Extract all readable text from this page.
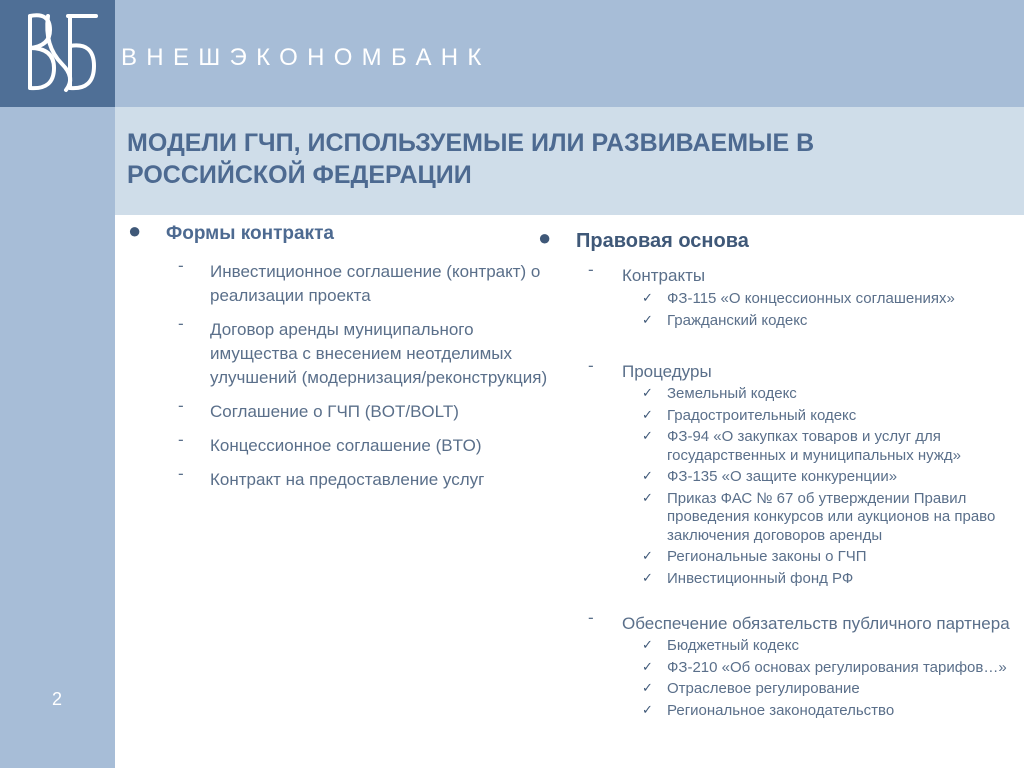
ВНЕШЭКОНОМБАНК
2
МОДЕЛИ ГЧП, ИСПОЛЬЗУЕМЫЕ ИЛИ РАЗВИВАЕМЫЕ В РОССИЙСКОЙ ФЕДЕРАЦИИ
● Формы контракта
- Инвестиционное соглашение (контракт) о реализации проекта
- Договор аренды муниципального имущества с внесением неотделимых улучшений (модернизация/реконструкция)
- Соглашение о ГЧП (BOT/BOLT)
- Концессионное соглашение (BTO)
- Контракт на предоставление услуг
● Правовая основа
- Контракты
✓ ФЗ-115 «О концессионных соглашениях»
✓ Гражданский кодекс
- Процедуры
✓ Земельный кодекс
✓ Градостроительный кодекс
✓ ФЗ-94 «О закупках товаров и услуг для государственных и муниципальных нужд»
✓ ФЗ-135 «О защите конкуренции»
✓ Приказ ФАС № 67 об утверждении Правил проведения конкурсов или аукционов на право заключения договоров аренды
✓ Региональные законы о ГЧП
✓ Инвестиционный фонд РФ
- Обеспечение обязательств публичного партнера
✓ Бюджетный кодекс
✓ ФЗ-210 «Об основах регулирования тарифов…»
✓ Отраслевое регулирование
✓ Региональное законодательство
